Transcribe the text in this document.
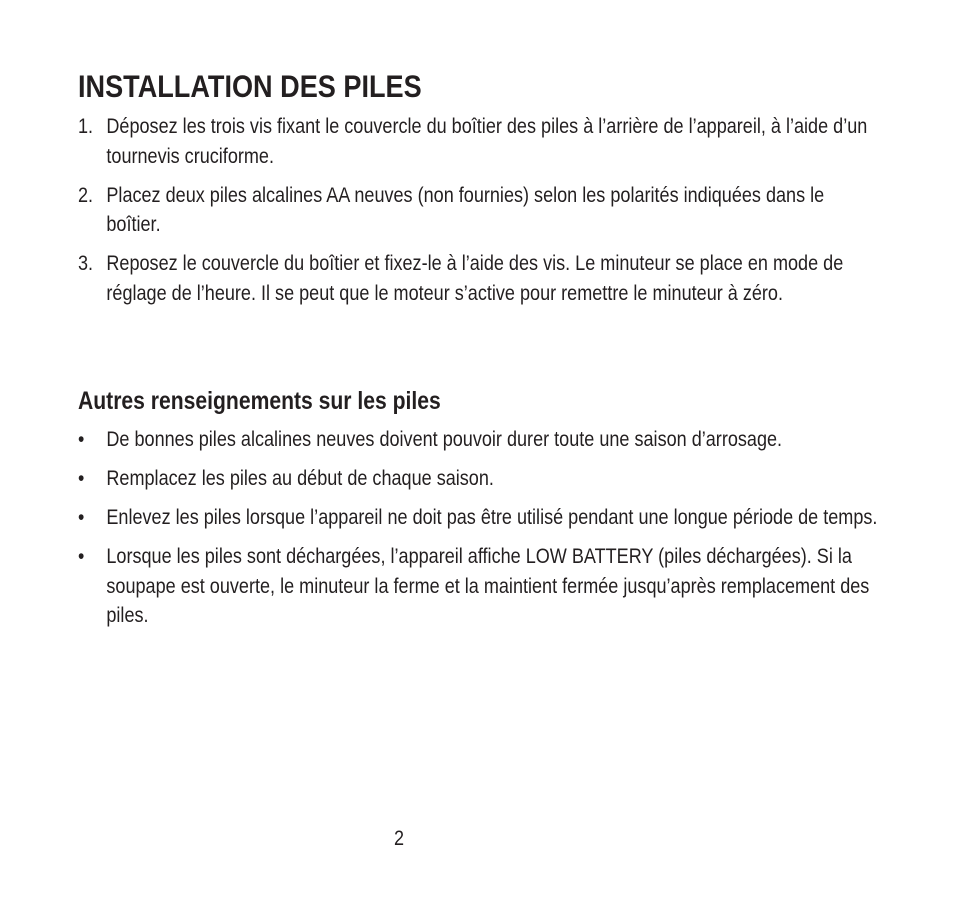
INSTALLATION DES PILES
1. Déposez les trois vis fixant le couvercle du boîtier des piles à l’arrière de l’appareil, à l’aide d’un tournevis cruciforme.
2. Placez deux piles alcalines AA neuves (non fournies) selon les polarités indiquées dans le boîtier.
3. Reposez le couvercle du boîtier et fixez-le à l’aide des vis. Le minuteur se place en mode de réglage de l’heure. Il se peut que le moteur s’active pour remettre le minuteur à zéro.
Autres renseignements sur les piles
• De bonnes piles alcalines neuves doivent pouvoir durer toute une saison d’arrosage.
• Remplacez les piles au début de chaque saison.
• Enlevez les piles lorsque l’appareil ne doit pas être utilisé pendant une longue période de temps.
• Lorsque les piles sont déchargées, l’appareil affiche LOW BATTERY (piles déchargées). Si la soupape est ouverte, le minuteur la ferme et la maintient fermée jusqu’après remplacement des piles.
2
